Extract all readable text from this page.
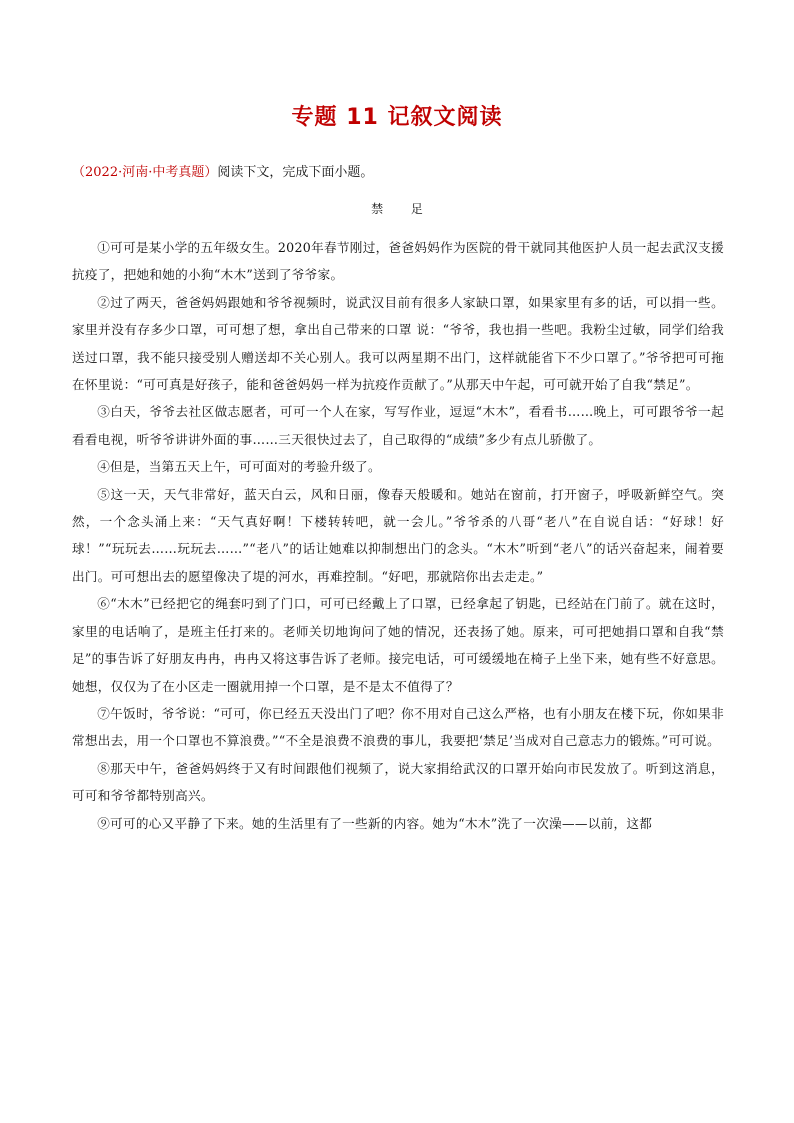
专题 11 记叙文阅读
（2022·河南·中考真题）阅读下文，完成下面小题。
禁 足

①可可是某小学的五年级女生。2020年春节刚过，爸爸妈妈作为医院的骨干就同其他医护人员一起去武汉支援抗疫了，把她和她的小狗“木木”送到了爷爷家。

②过了两天，爸爸妈妈跟她和爷爷视频时，说武汉目前有很多人家缺口罩，如果家里有多的话，可以捐一些。家里并没有存多少口罩，可可想了想，拿出自己带来的口罩 说：“爷爷，我也捐一些吧。我粉尘过敏，同学们给我送过口罩，我不能只接受别人赠送却不关心别人。我可以两星期不出门，这样就能省下不少口罩了。”爷爷把可可拖在怀里说：“可可真是好孩子，能和爸爸妈妈一样为抗疫作贡献了。”从那天中午起，可可就开始了自我“禁足”。

③白天，爷爷去社区做志愿者，可可一个人在家，写写作业，逗逗“木木”，看看书……晚上，可可跟爷爷一起看看电视，听爷爷讲讲外面的事……三天很快过去了，自己取得的“成绩”多少有点儿骄傲了。

④但是，当第五天上午，可可面对的考验升级了。

⑤这一天，天气非常好，蓝天白云，风和日丽，像春天般暖和。她站在窗前，打开窗子，呼吸新鲜空气。突然，一个念头涌上来：“天气真好啊！下楼转转吧，就一会儿。”爷爷杀的八哥“老八”在自说自话：“好球！好球！”“玩玩去……玩玩去……”“老八”的话让她难以抑制想出门的念头。“木木”听到“老八”的话兴奋起来，闹着要出门。可可想出去的愿望像决了堤的河水，再难控制。“好吧，那就陪你出去走走。”

⑥“木木”已经把它的绳套叼到了门口，可可已经戴上了口罩，已经拿起了钥匙，已经站在门前了。就在这时，家里的电话响了，是班主任打来的。老师关切地询问了她的情况，还表扬了她。原来，可可把她捐口罩和自我“禁足”的事告诉了好朋友冉冉，冉冉又将这事告诉了老师。接完电话，可可缓缓地在椅子上坐下来，她有些不好意思。她想，仅仅为了在小区走一圈就用掉一个口罩，是不是太不值得了？

⑦午饭时，爷爷说：“可可，你已经五天没出门了吧？你不用对自己这么严格，也有小朋友在楼下玩，你如果非常想出去，用一个口罩也不算浪费。”“不全是浪费不浪费的事儿，我要把‘禁足’当成对自己意志力的锻炼。”可可说。

⑧那天中午，爸爸妈妈终于又有时间跟他们视频了，说大家捐给武汉的口罩开始向市民发放了。听到这消息，可可和爷爷都特别高兴。

⑨可可的心又平静了下来。她的生活里有了一些新的内容。她为“木木”洗了一次澡——以前，这都
